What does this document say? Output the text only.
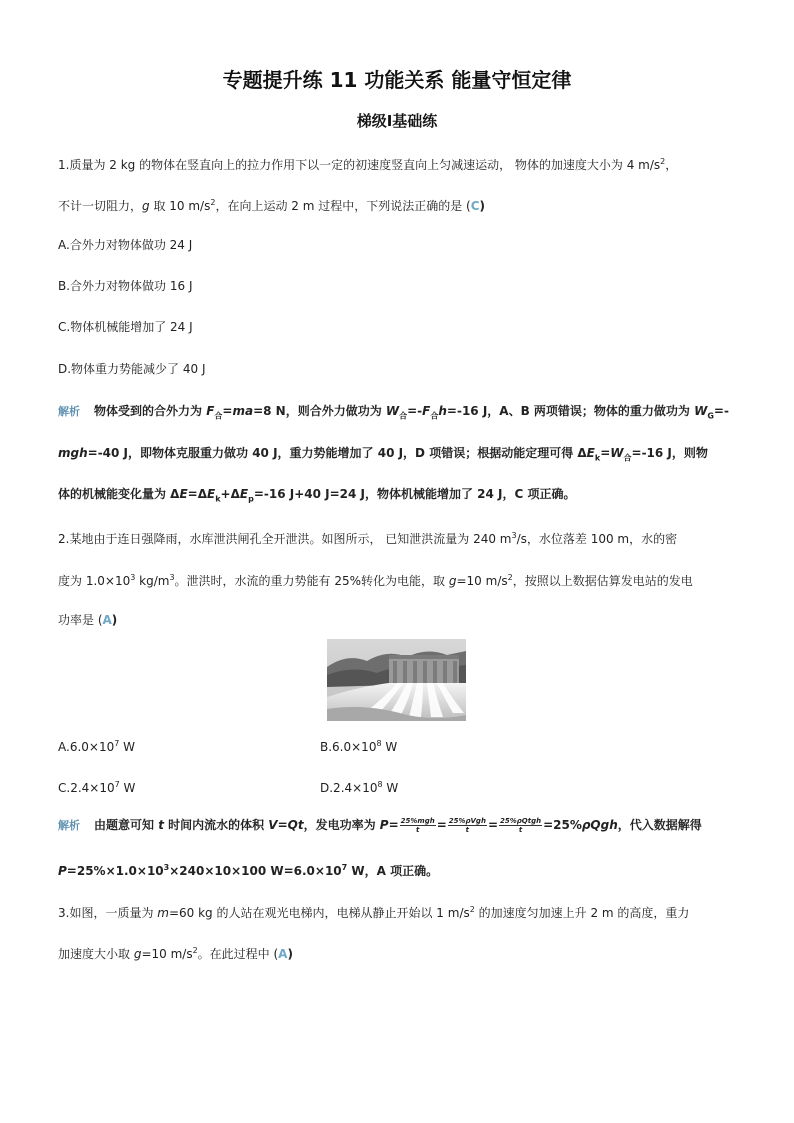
专题提升练 11 功能关系 能量守恒定律
梯级Ⅰ基础练
1.质量为 2 kg 的物体在竖直向上的拉力作用下以一定的初速度竖直向上匀减速运动， 物体的加速度大小为 4 $m/s^2$，
不计一切阻力，g 取 10 $m/s^2$，在向上运动 2 m 过程中，下列说法正确的是 (C)
A.合外力对物体做功 24 J
B.合外力对物体做功 16 J
C.物体机械能增加了 24 J
D.物体重力势能减少了 40 J
解析 物体受到的合外力为 $F_合=ma=8$ N，则合外力做功为 $W_合=-F_合h=-16$ J，A、B 两项错误；物体的重力做功为 $W_G=-$
mgh=-40 J，即物体克服重力做功 40 J，重力势能增加了 40 J，D 项错误；根据动能定理可得 $\Delta E_k=W_合=-16$ J，则物
体的机械能变化量为 $\Delta E=\Delta E_k+\Delta E_p=-16$ J+40 J=24 J，物体机械能增加了 24 J，C 项正确。
2.某地由于连日强降雨，水库泄洪闸孔全开泄洪。如图所示， 已知泄洪流量为 240 $m^3/s$，水位落差 100 m，水的密
度为 $1.0\times 10^3$ $kg/m^3$。泄洪时，水流的重力势能有 25%转化为电能，取 g=10 $m/s^2$，按照以上数据估算发电站的发电
功率是 (A)
$A.6.0\times 10^7$ W	$B.6.0\times 10^8$ W
$C.2.4\times 10^7$ W	$D.2.4\times 10^8$ W
解析 由题意可知 t 时间内流水的体积 V=Qt，发电功率为 $P= \frac{\text{25\%mgh}}{t} = \frac{\text{25\%ρVgh}}{t} = \frac{\text{25\%ρQtgh}}{t} =25\%\rho Qgh$，代入数据解得
$P=25\%\times 1.0\times 10^3\times 240\times 10\times 100$ $W=6.0\times 10^7$ W，A 项正确。
3.如图，一质量为 m=60 kg 的人站在观光电梯内，电梯从静止开始以 1 $m/s^2$ 的加速度匀加速上升 2 m 的高度，重力
加速度大小取 g=10 $m/s^2$。在此过程中 (A)
